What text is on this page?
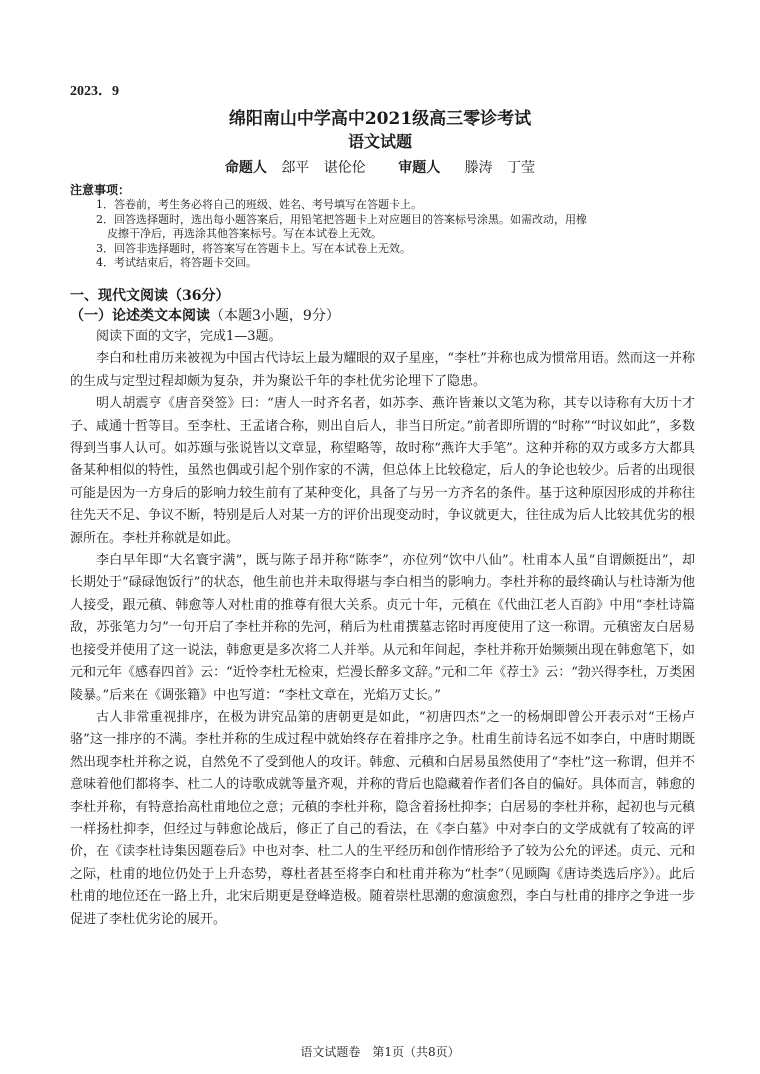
2023．9
绵阳南山中学高中2021级高三零诊考试
语文试题
命题人 郐平 谌伦伦 审题人 滕涛 丁莹
注意事项：

1．答卷前，考生务必将自己的班级、姓名、考号填写在答题卡上。

2．回答选择题时，选出每小题答案后，用铅笔把答题卡上对应题目的答案标号涂黑。如需改动，用橡

皮擦干净后，再选涂其他答案标号。写在本试卷上无效。

3．回答非选择题时，将答案写在答题卡上。写在本试卷上无效。

4．考试结束后，将答题卡交回。

一、现代文阅读（36分）
（一）论述类文本阅读（本题3小题，9分）

阅读下面的文字，完成1—3题。

李白和杜甫历来被视为中国古代诗坛上最为耀眼的双子星座，“李杜”并称也成为惯常用语。然而这一并称的生成与定型过程却颇为复杂，并为聚讼千年的李杜优劣论埋下了隐患。

明人胡震亨《唐音癸签》曰：“唐人一时齐名者，如苏李、燕许皆兼以文笔为称，其专以诗称有大历十才子、咸通十哲等目。至李杜、王孟诸合称，则出自后人，非当日所定。”前者即所谓的“时称”“时议如此”，多数得到当事人认可。如苏颋与张说皆以文章显，称望略等，故时称“燕许大手笔”。这种并称的双方或多方大都具备某种相似的特性，虽然也偶或引起个别作家的不满，但总体上比较稳定，后人的争论也较少。后者的出现很可能是因为一方身后的影响力较生前有了某种变化，具备了与另一方齐名的条件。基于这种原因形成的并称往往先天不足、争议不断，特别是后人对某一方的评价出现变动时，争议就更大，往往成为后人比较其优劣的根源所在。李杜并称就是如此。

李白早年即“大名寰宇满”，既与陈子昂并称“陈李”，亦位列“饮中八仙”。杜甫本人虽“自谓颇挺出”，却长期处于“碌碌饱饭行”的状态，他生前也并未取得堪与李白相当的影响力。李杜并称的最终确认与杜诗渐为他人接受，跟元稹、韩愈等人对杜甫的推尊有很大关系。贞元十年，元稹在《代曲江老人百韵》中用“李杜诗篇敌，苏张笔力匀”一句开启了李杜并称的先河，稍后为杜甫撰墓志铭时再度使用了这一称谓。元稹密友白居易也接受并使用了这一说法，韩愈更是多次将二人并举。从元和年间起，李杜并称开始频频出现在韩愈笔下，如元和元年《感春四首》云：“近怜李杜无检束，烂漫长醉多文辞。”元和二年《荐士》云：“勃兴得李杜，万类困陵暴。”后来在《调张籍》中也写道：“李杜文章在，光焰万丈长。”

古人非常重视排序，在极为讲究品第的唐朝更是如此，“初唐四杰”之一的杨炯即曾公开表示对“王杨卢骆”这一排序的不满。李杜并称的生成过程中就始终存在着排序之争。杜甫生前诗名远不如李白，中唐时期既然出现李杜并称之说，自然免不了受到他人的攻讦。韩愈、元稹和白居易虽然使用了“李杜”这一称谓，但并不意味着他们都将李、杜二人的诗歌成就等量齐观，并称的背后也隐藏着作者们各自的偏好。具体而言，韩愈的李杜并称，有特意抬高杜甫地位之意；元稹的李杜并称，隐含着扬杜抑李；白居易的李杜并称，起初也与元稹一样扬杜抑李，但经过与韩愈论战后，修正了自己的看法，在《李白墓》中对李白的文学成就有了较高的评价，在《读李杜诗集因题卷后》中也对李、杜二人的生平经历和创作情形给予了较为公允的评述。贞元、元和之际，杜甫的地位仍处于上升态势，尊杜者甚至将李白和杜甫并称为“杜李”（见顾陶《唐诗类选后序》）。此后杜甫的地位还在一路上升，北宋后期更是登峰造极。随着崇杜思潮的愈演愈烈，李白与杜甫的排序之争进一步促进了李杜优劣论的展开。

语文试题卷　第1页（共8页）
